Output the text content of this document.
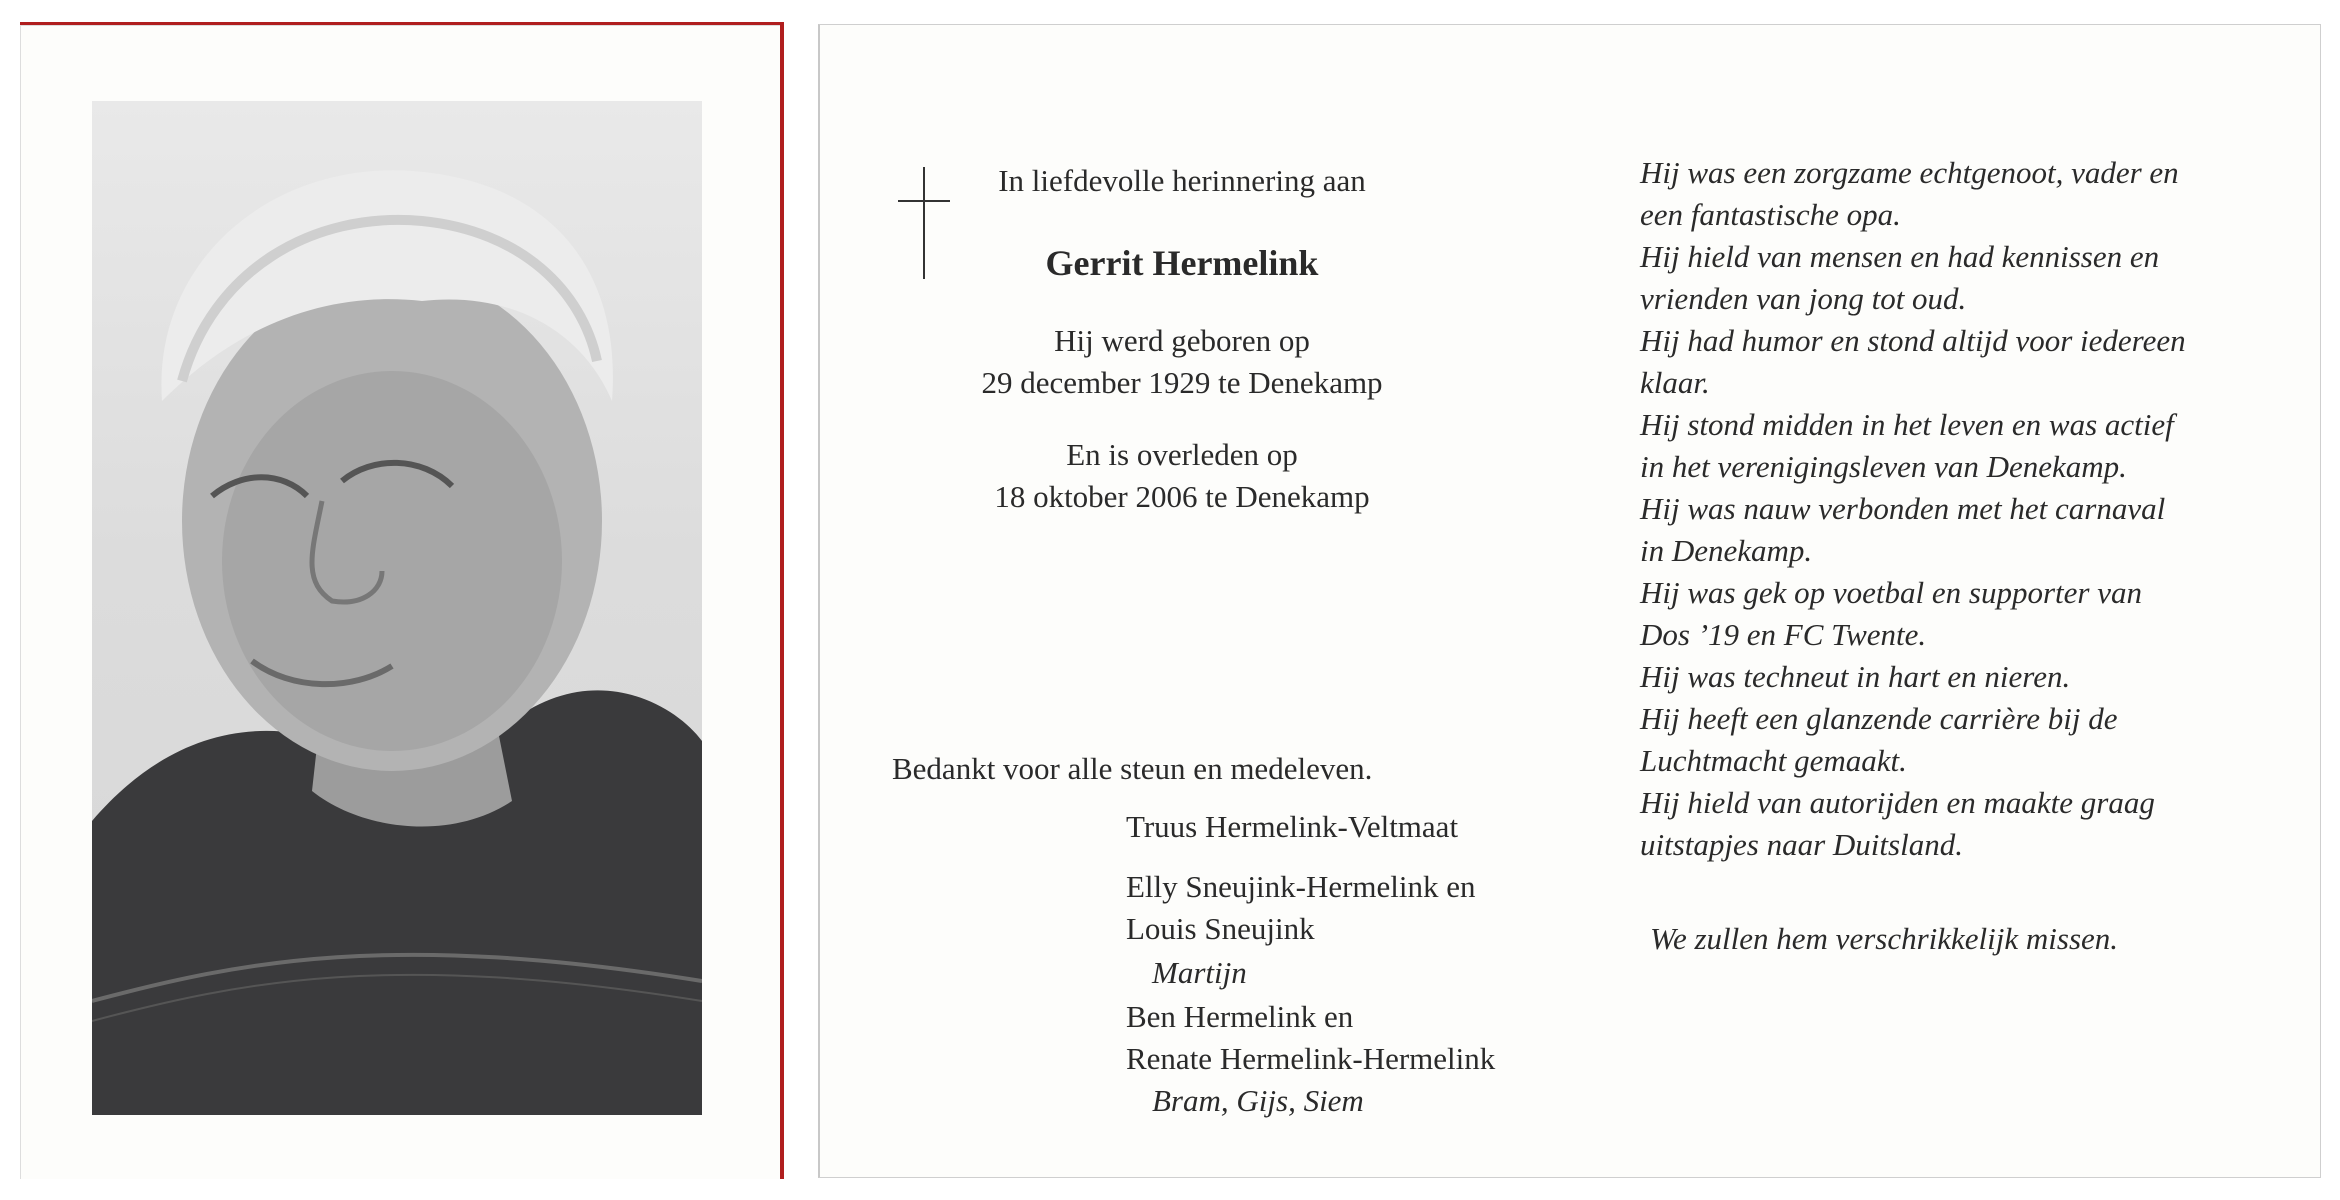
In liefdevolle herinnering aan
Gerrit Hermelink
Hij werd geboren op
29 december 1929 te Denekamp
En is overleden op
18 oktober 2006 te Denekamp
Bedankt voor alle steun en medeleven.
Truus Hermelink-Veltmaat
Elly Sneujink-Hermelink en
Louis Sneujink
Martijn
Ben Hermelink en
Renate Hermelink-Hermelink
Bram, Gijs, Siem
Hij was een zorgzame echtgenoot, vader en
een fantastische opa.
Hij hield van mensen en had kennissen en
vrienden van jong tot oud.
Hij had humor en stond altijd voor iedereen
klaar.
Hij stond midden in het leven en was actief
in het verenigingsleven van Denekamp.
Hij was nauw verbonden met het carnaval
in Denekamp.
Hij was gek op voetbal en supporter van
Dos ’19 en FC Twente.
Hij was techneut in hart en nieren.
Hij heeft een glanzende carrière bij de
Luchtmacht gemaakt.
Hij hield van autorijden en maakte graag
uitstapjes naar Duitsland.
We zullen hem verschrikkelijk missen.
